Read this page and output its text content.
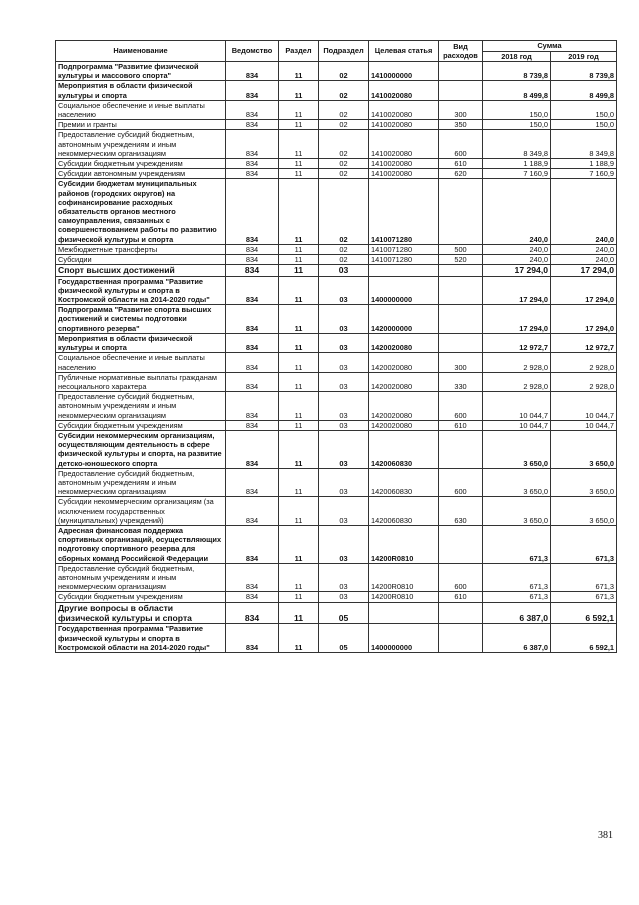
Наименование	Ведомство	Раздел	Подраздел	Целевая статья	Вид расходов	Сумма	
						2018 год	2019 год
Подпрограмма "Развитие физической культуры и массового спорта"	834	11	02	1410000000		8 739,8	8 739,8
Мероприятия в области физической культуры и спорта	834	11	02	1410020080		8 499,8	8 499,8
Социальное обеспечение и иные выплаты населению	834	11	02	1410020080	300	150,0	150,0
Премии и гранты	834	11	02	1410020080	350	150,0	150,0
Предоставление субсидий бюджетным, автономным учреждениям и иным некоммерческим организациям	834	11	02	1410020080	600	8 349,8	8 349,8
Субсидии бюджетным учреждениям	834	11	02	1410020080	610	1 188,9	1 188,9
Субсидии автономным учреждениям	834	11	02	1410020080	620	7 160,9	7 160,9
Субсидии бюджетам муниципальных районов (городских округов) на софинансирование расходных обязательств органов местного самоуправления, связанных с совершенствованием работы по развитию физической культуры и спорта	834	11	02	1410071280		240,0	240,0
Межбюджетные трансферты	834	11	02	1410071280	500	240,0	240,0
Субсидии	834	11	02	1410071280	520	240,0	240,0
Спорт высших достижений	834	11	03			17 294,0	17 294,0
Государственная программа "Развитие физической культуры и спорта в Костромской области на 2014-2020 годы"	834	11	03	1400000000		17 294,0	17 294,0
Подпрограмма "Развитие спорта высших достижений и системы подготовки спортивного резерва"	834	11	03	1420000000		17 294,0	17 294,0
Мероприятия в области физической культуры и спорта	834	11	03	1420020080		12 972,7	12 972,7
Социальное обеспечение и иные выплаты населению	834	11	03	1420020080	300	2 928,0	2 928,0
Публичные нормативные выплаты гражданам несоциального характера	834	11	03	1420020080	330	2 928,0	2 928,0
Предоставление субсидий бюджетным, автономным учреждениям и иным некоммерческим организациям	834	11	03	1420020080	600	10 044,7	10 044,7
Субсидии бюджетным учреждениям	834	11	03	1420020080	610	10 044,7	10 044,7
Субсидии некоммерческим организациям, осуществляющим деятельность в сфере физической культуры и спорта, на развитие детско-юношеского спорта	834	11	03	1420060830		3 650,0	3 650,0
Предоставление субсидий бюджетным, автономным учреждениям и иным некоммерческим организациям	834	11	03	1420060830	600	3 650,0	3 650,0
Субсидии некоммерческим организациям (за исключением государственных (муниципальных) учреждений)	834	11	03	1420060830	630	3 650,0	3 650,0
Адресная финансовая поддержка спортивных организаций, осуществляющих подготовку спортивного резерва для сборных команд Российской Федерации	834	11	03	14200R0810		671,3	671,3
Предоставление субсидий бюджетным, автономным учреждениям и иным некоммерческим организациям	834	11	03	14200R0810	600	671,3	671,3
Субсидии бюджетным учреждениям	834	11	03	14200R0810	610	671,3	671,3
Другие вопросы в области физической культуры и спорта	834	11	05			6 387,0	6 592,1
Государственная программа "Развитие физической культуры и спорта в Костромской области на 2014-2020 годы"	834	11	05	1400000000		6 387,0	6 592,1
381
